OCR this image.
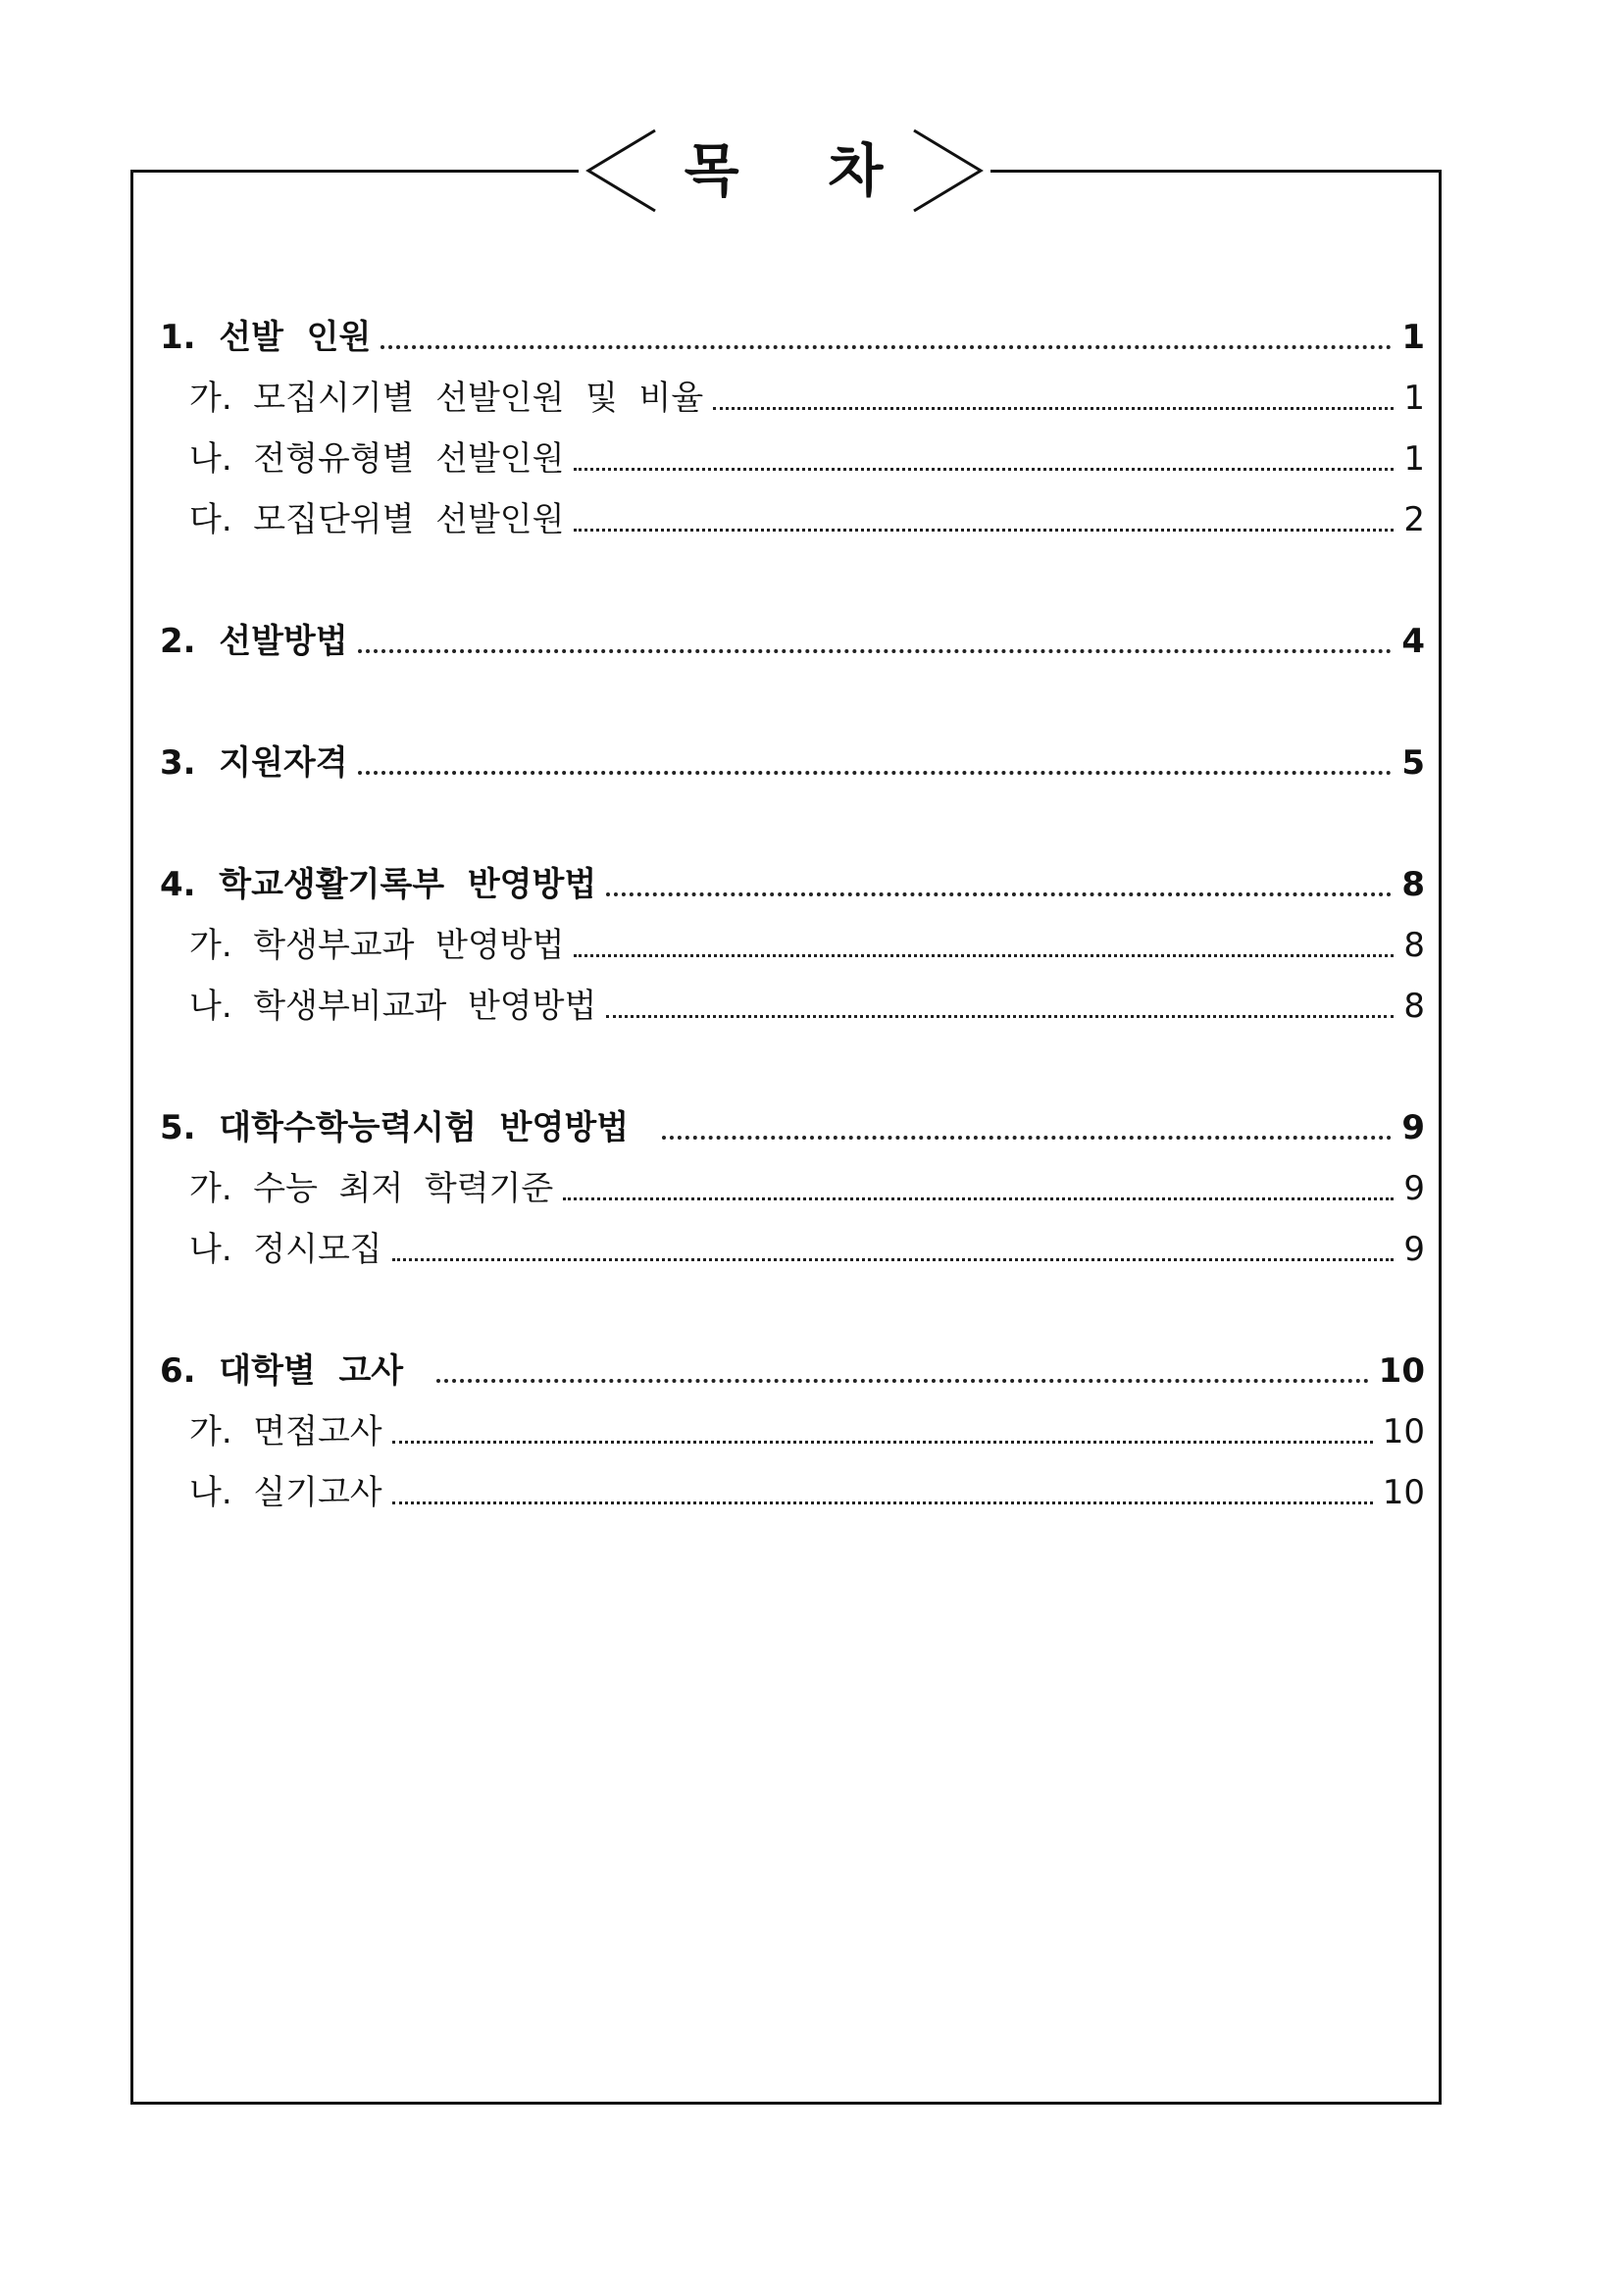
목    차
1.  선발  인원	1
가.  모집시기별  선발인원  및  비율	1
나.  전형유형별  선발인원	1
다.  모집단위별  선발인원	2
2.  선발방법	4
3.  지원자격	5
4.  학교생활기록부  반영방법	8
가.  학생부교과  반영방법	8
나.  학생부비교과  반영방법	8
5.  대학수학능력시험  반영방법	9
가.  수능  최저  학력기준	9
나.  정시모집	9
6.  대학별  고사	10
가.  면접고사	10
나.  실기고사	10
